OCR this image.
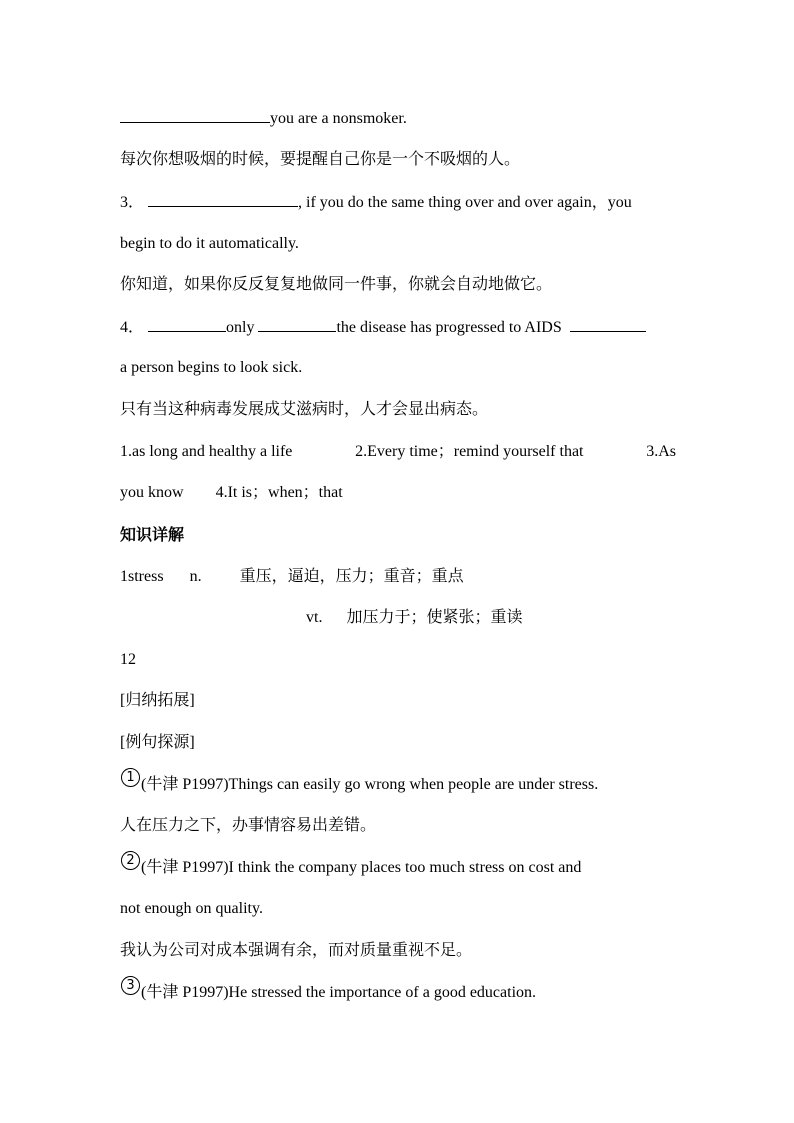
you are a nonsmoker.
每次你想吸烟的时候，要提醒自己你是一个不吸烟的人。
3．	, if you do the same thing over and over again，you
begin to do it automatically.
你知道，如果你反反复复地做同一件事，你就会自动地做它。
4．	only	the disease has progressed to AIDS
a person begins to look sick.
只有当这种病毒发展成艾滋病时，人才会显出病态。
1.as long and healthy a life	2.Every time；remind yourself that	3.As
you know 4.It is；when；that
知识详解
1stress n. 重压，逼迫，压力；重音；重点
vt. 加压力于；使紧张；重读
12
[归纳拓展]
[例句探源]
1 (牛津 P1997)Things can easily go wrong when people are under stress.
人在压力之下，办事情容易出差错。
2 (牛津 P1997)I think the company places too much stress on cost and
not enough on quality.
我认为公司对成本强调有余，而对质量重视不足。
3 (牛津 P1997)He stressed the importance of a good education.
